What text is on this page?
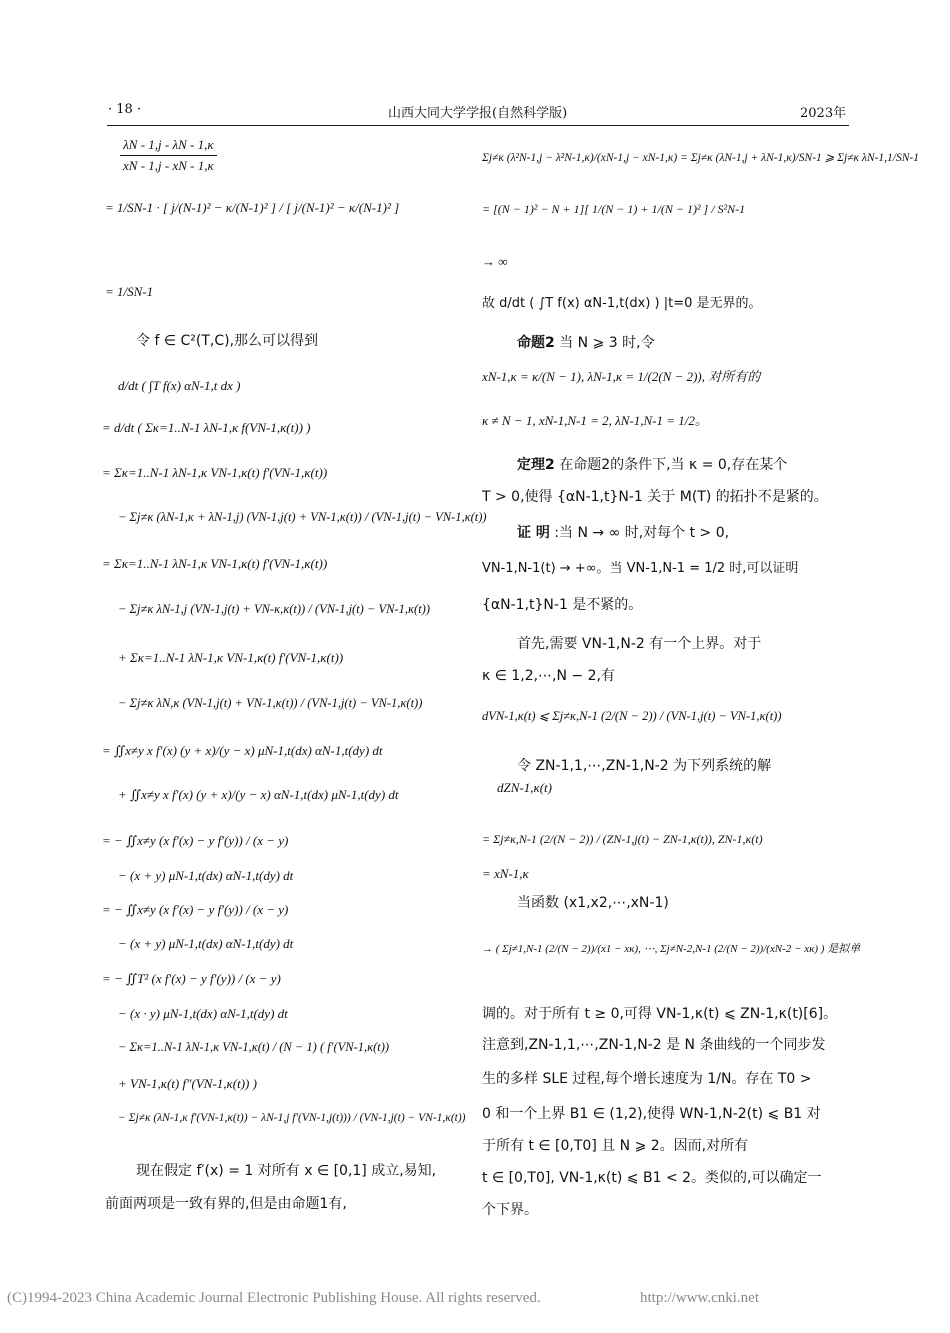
· 18 ·	山西大同大学学报(自然科学版)	2023年
$\frac{\lambda N - 1,j - \lambda N - 1,\kappa}{xN - 1,j - xN - 1,\kappa}$
= 1/SN-1 · [ j/(N-1)² − κ/(N-1)² ] / [ j/(N-1)² − κ/(N-1)² ]
= 1/SN-1
令 f ∈ C²(T,C),那么可以得到
d/dt ( ∫T f(x) αN-1,t dx )
= d/dt ( Σκ=1..N-1 λN-1,κ f(VN-1,κ(t)) )
= Σκ=1..N-1 λN-1,κ VN-1,κ(t) f′(VN-1,κ(t))
− Σj≠κ (λN-1,κ + λN-1,j) (VN-1,j(t) + VN-1,κ(t)) / (VN-1,j(t) − VN-1,κ(t))
= Σκ=1..N-1 λN-1,κ VN-1,κ(t) f′(VN-1,κ(t))
− Σj≠κ λN-1,j (VN-1,j(t) + VN-κ,κ(t)) / (VN-1,j(t) − VN-1,κ(t))
+ Σκ=1..N-1 λN-1,κ VN-1,κ(t) f′(VN-1,κ(t))
− Σj≠κ λN,κ (VN-1,j(t) + VN-1,κ(t)) / (VN-1,j(t) − VN-1,κ(t))
= ∬x≠y x f′(x) (y + x)/(y − x) μN-1,t(dx) αN-1,t(dy) dt
+ ∬x≠y x f′(x) (y + x)/(y − x) αN-1,t(dx) μN-1,t(dy) dt
= − ∬x≠y (x f′(x) − y f′(y)) / (x − y)
− (x + y) μN-1,t(dx) αN-1,t(dy) dt
= − ∬x≠y (x f′(x) − y f′(y)) / (x − y)
− (x + y) μN-1,t(dx) αN-1,t(dy) dt
= − ∬T² (x f′(x) − y f′(y)) / (x − y)
− (x · y) μN-1,t(dx) αN-1,t(dy) dt
− Σκ=1..N-1 λN-1,κ VN-1,κ(t) / (N − 1) ( f′(VN-1,κ(t))
+ VN-1,κ(t) f″(VN-1,κ(t)) )
− Σj≠κ (λN-1,κ f′(VN-1,κ(t)) − λN-1,j f′(VN-1,j(t))) / (VN-1,j(t) − VN-1,κ(t))
现在假定 f′(x) = 1 对所有 x ∈ [0,1] 成立,易知,
前面两项是一致有界的,但是由命题1有,
Σj≠κ (λ²N-1,j − λ²N-1,κ)/(xN-1,j − xN-1,κ) = Σj≠κ (λN-1,j + λN-1,κ)/SN-1 ⩾ Σj≠κ λN-1,1/SN-1
= [(N − 1)² − N + 1][ 1/(N − 1) + 1/(N − 1)² ] / S²N-1
→ ∞
故 d/dt ( ∫T f(x) αN-1,t(dx) ) |t=0 是无界的。
命题2 当 N ⩾ 3 时,令
xN-1,κ = κ/(N − 1), λN-1,κ = 1/(2(N − 2)), 对所有的
κ ≠ N − 1, xN-1,N-1 = 2, λN-1,N-1 = 1/2。
定理2 在命题2的条件下,当 κ = 0,存在某个
T > 0,使得 {αN-1,t}N-1 关于 M(T) 的拓扑不是紧的。
证 明 :当 N → ∞ 时,对每个 t > 0,
VN-1,N-1(t) → +∞。当 VN-1,N-1 = 1/2 时,可以证明
{αN-1,t}N-1 是不紧的。
首先,需要 VN-1,N-2 有一个上界。对于
κ ∈ 1,2,⋯,N − 2,有
dVN-1,κ(t) ⩽ Σj≠κ,N-1 (2/(N − 2)) / (VN-1,j(t) − VN-1,κ(t))
令 ZN-1,1,⋯,ZN-1,N-2 为下列系统的解
dZN-1,κ(t)
= Σj≠κ,N-1 (2/(N − 2)) / (ZN-1,j(t) − ZN-1,κ(t)), ZN-1,κ(t)
= xN-1,κ
当函数 (x1,x2,⋯,xN-1)
→ ( Σj≠1,N-1 (2/(N − 2))/(x1 − xκ), ⋯, Σj≠N-2,N-1 (2/(N − 2))/(xN-2 − xκ) ) 是拟单
调的。对于所有 t ≥ 0,可得 VN-1,κ(t) ⩽ ZN-1,κ(t)[6]。
注意到,ZN-1,1,⋯,ZN-1,N-2 是 N 条曲线的一个同步发
生的多样 SLE 过程,每个增长速度为 1/N。存在 T0 >
0 和一个上界 B1 ∈ (1,2),使得 WN-1,N-2(t) ⩽ B1 对
于所有 t ∈ [0,T0] 且 N ⩾ 2。因而,对所有
t ∈ [0,T0], VN-1,κ(t) ⩽ B1 < 2。类似的,可以确定一
个下界。
(C)1994-2023 China Academic Journal Electronic Publishing House. All rights reserved.	http://www.cnki.net
